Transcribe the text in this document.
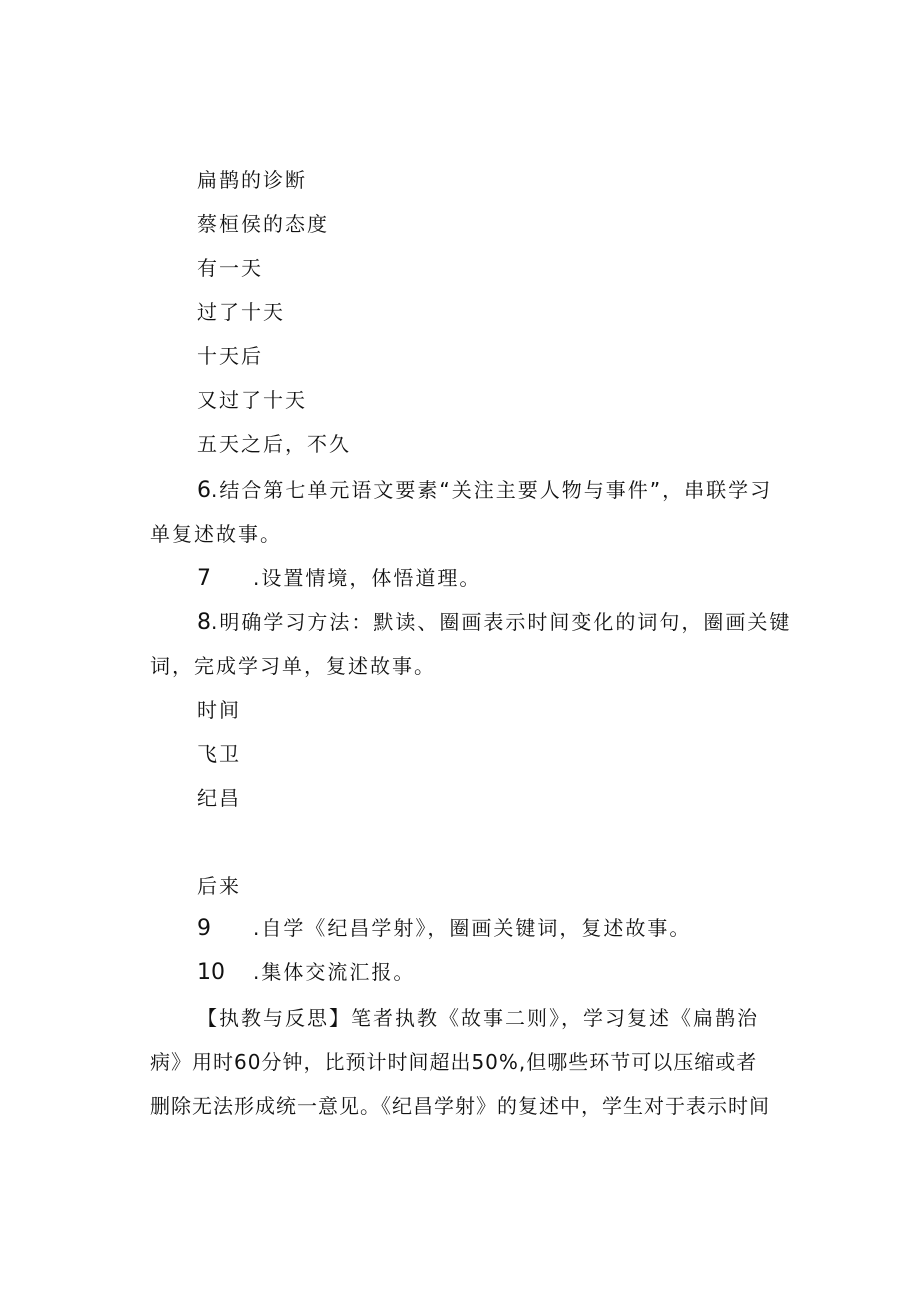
扁鹊的诊断
蔡桓侯的态度
有一天
过了十天
十天后
又过了十天
五天之后，不久
6.结合第七单元语文要素“关注主要人物与事件”，串联学习
单复述故事。
7 .设置情境，体悟道理。
8.明确学习方法：默读、圈画表示时间变化的词句，圈画关键
词，完成学习单，复述故事。
时间
飞卫
纪昌
后来
9 .自学《纪昌学射》，圈画关键词，复述故事。
10 .集体交流汇报。
【执教与反思】笔者执教《故事二则》，学习复述《扁鹊治
病》用时60分钟，比预计时间超出50%,但哪些环节可以压缩或者
删除无法形成统一意见。《纪昌学射》的复述中，学生对于表示时间
